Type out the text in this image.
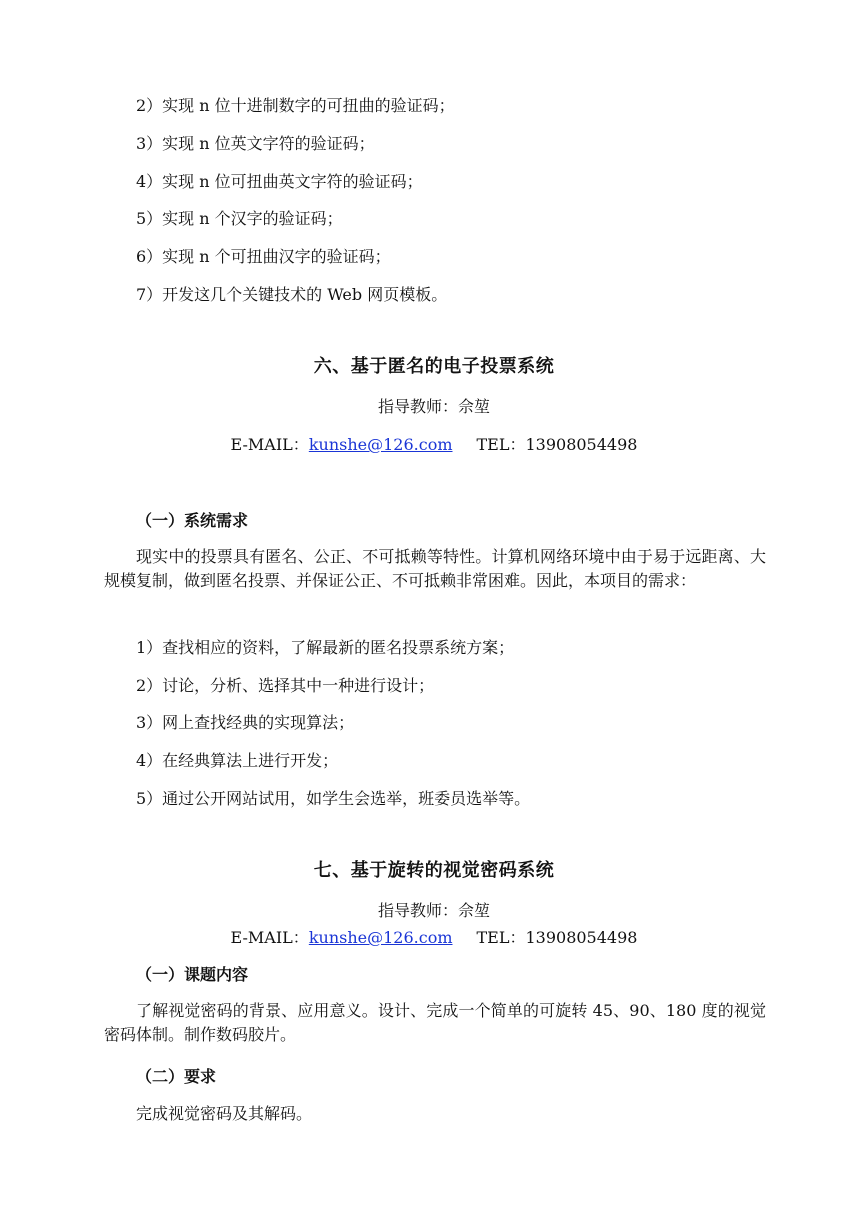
2）实现 n 位十进制数字的可扭曲的验证码；
3）实现 n 位英文字符的验证码；
4）实现 n 位可扭曲英文字符的验证码；
5）实现 n 个汉字的验证码；
6）实现 n 个可扭曲汉字的验证码；
7）开发这几个关键技术的 Web 网页模板。
六、基于匿名的电子投票系统
指导教师：佘堃
E-MAIL：kunshe@126.com TEL：13908054498
（一）系统需求
现实中的投票具有匿名、公正、不可抵赖等特性。计算机网络环境中由于易于远距离、大规模复制，做到匿名投票、并保证公正、不可抵赖非常困难。因此，本项目的需求：
1）查找相应的资料，了解最新的匿名投票系统方案；
2）讨论，分析、选择其中一种进行设计；
3）网上查找经典的实现算法；
4）在经典算法上进行开发；
5）通过公开网站试用，如学生会选举，班委员选举等。
七、基于旋转的视觉密码系统
指导教师：佘堃
E-MAIL：kunshe@126.com TEL：13908054498
（一）课题内容
了解视觉密码的背景、应用意义。设计、完成一个简单的可旋转 45、90、180 度的视觉密码体制。制作数码胶片。
（二）要求
完成视觉密码及其解码。
